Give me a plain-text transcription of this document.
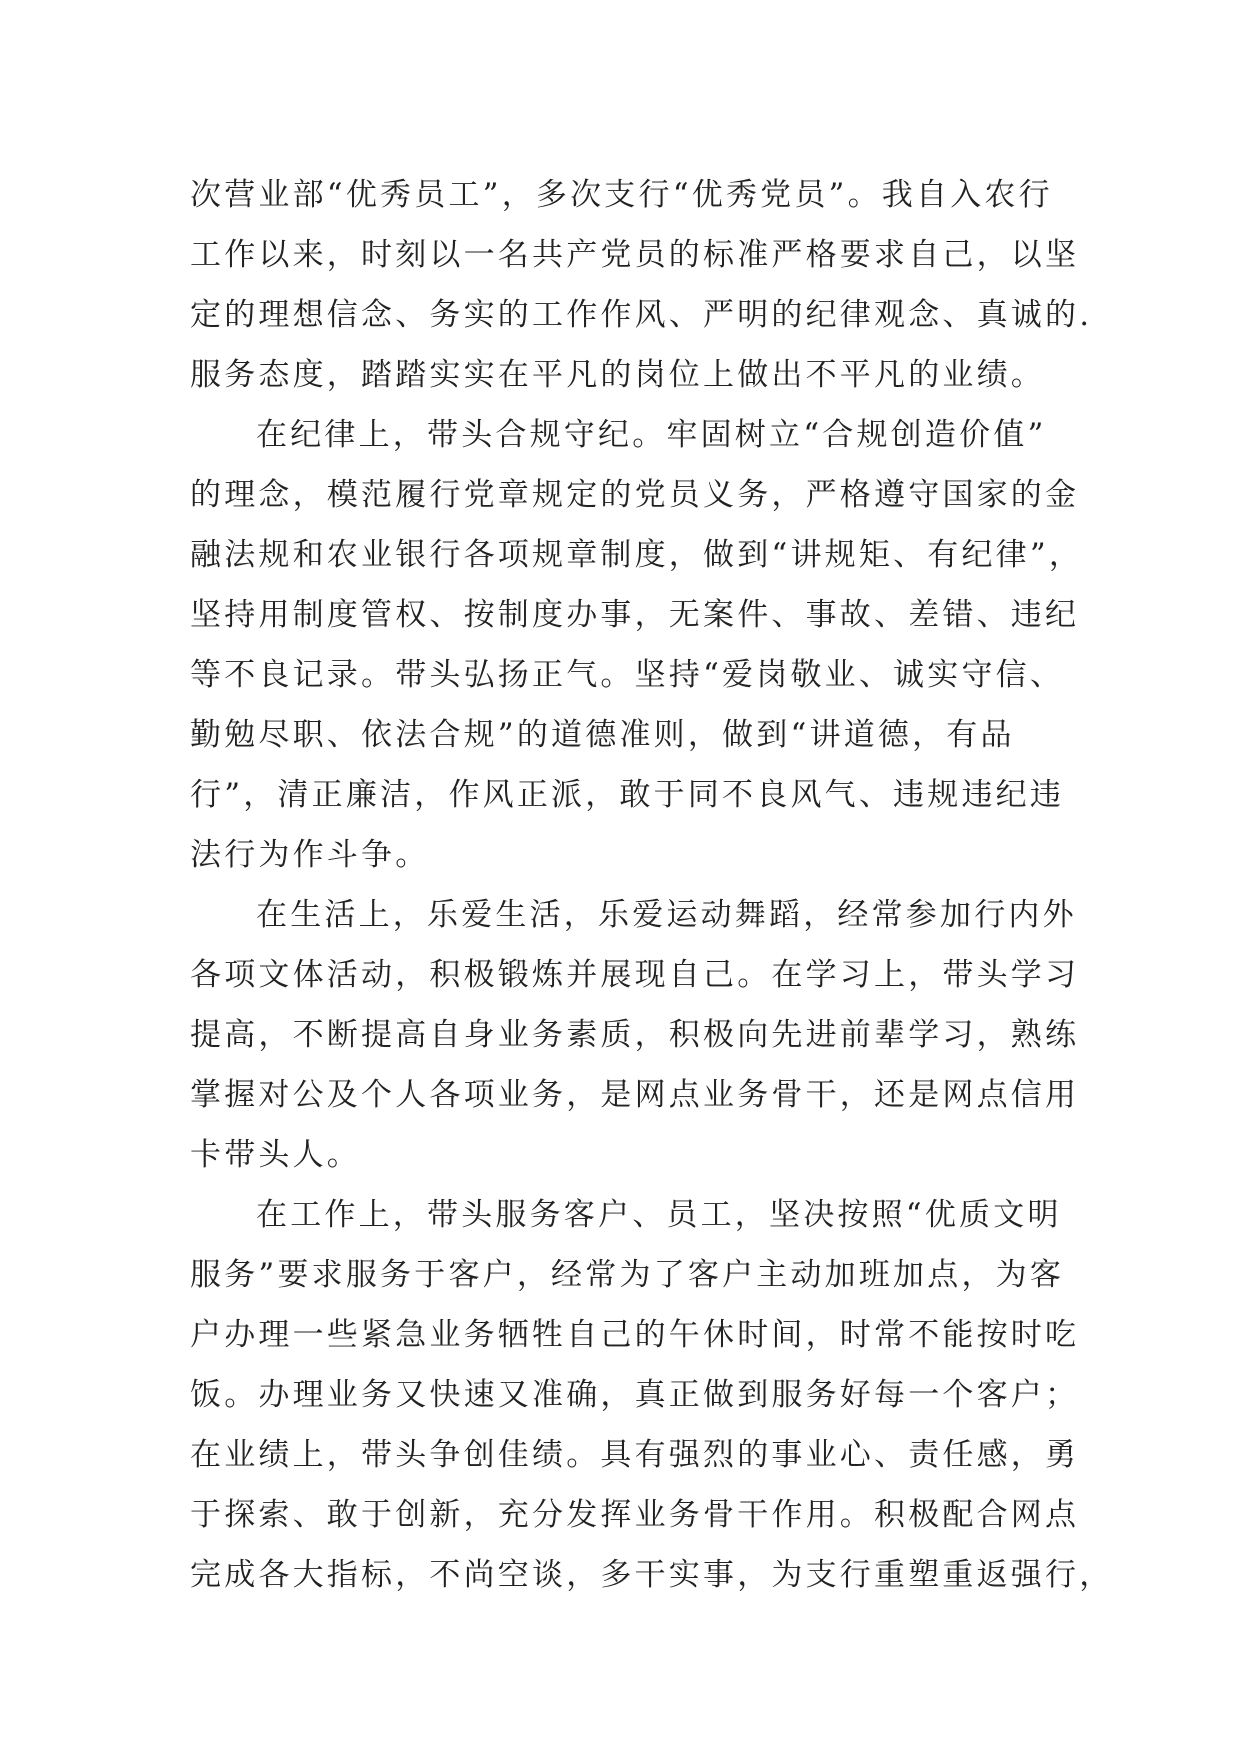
次营业部“优秀员工”，多次支行“优秀党员”。我自入农行
工作以来，时刻以一名共产党员的标准严格要求自己，以坚
定的理想信念、务实的工作作风、严明的纪律观念、真诚的.
服务态度，踏踏实实在平凡的岗位上做出不平凡的业绩。
在纪律上，带头合规守纪。牢固树立“合规创造价值”
的理念，模范履行党章规定的党员义务，严格遵守国家的金
融法规和农业银行各项规章制度，做到“讲规矩、有纪律”，
坚持用制度管权、按制度办事，无案件、事故、差错、违纪
等不良记录。带头弘扬正气。坚持“爱岗敬业、诚实守信、
勤勉尽职、依法合规”的道德准则，做到“讲道德，有品
行”，清正廉洁，作风正派，敢于同不良风气、违规违纪违
法行为作斗争。
在生活上，乐爱生活，乐爱运动舞蹈，经常参加行内外
各项文体活动，积极锻炼并展现自己。在学习上，带头学习
提高，不断提高自身业务素质，积极向先进前辈学习，熟练
掌握对公及个人各项业务，是网点业务骨干，还是网点信用
卡带头人。
在工作上，带头服务客户、员工，坚决按照“优质文明
服务”要求服务于客户，经常为了客户主动加班加点，为客
户办理一些紧急业务牺牲自己的午休时间，时常不能按时吃
饭。办理业务又快速又准确，真正做到服务好每一个客户；
在业绩上，带头争创佳绩。具有强烈的事业心、责任感，勇
于探索、敢于创新，充分发挥业务骨干作用。积极配合网点
完成各大指标，不尚空谈，多干实事，为支行重塑重返强行，
